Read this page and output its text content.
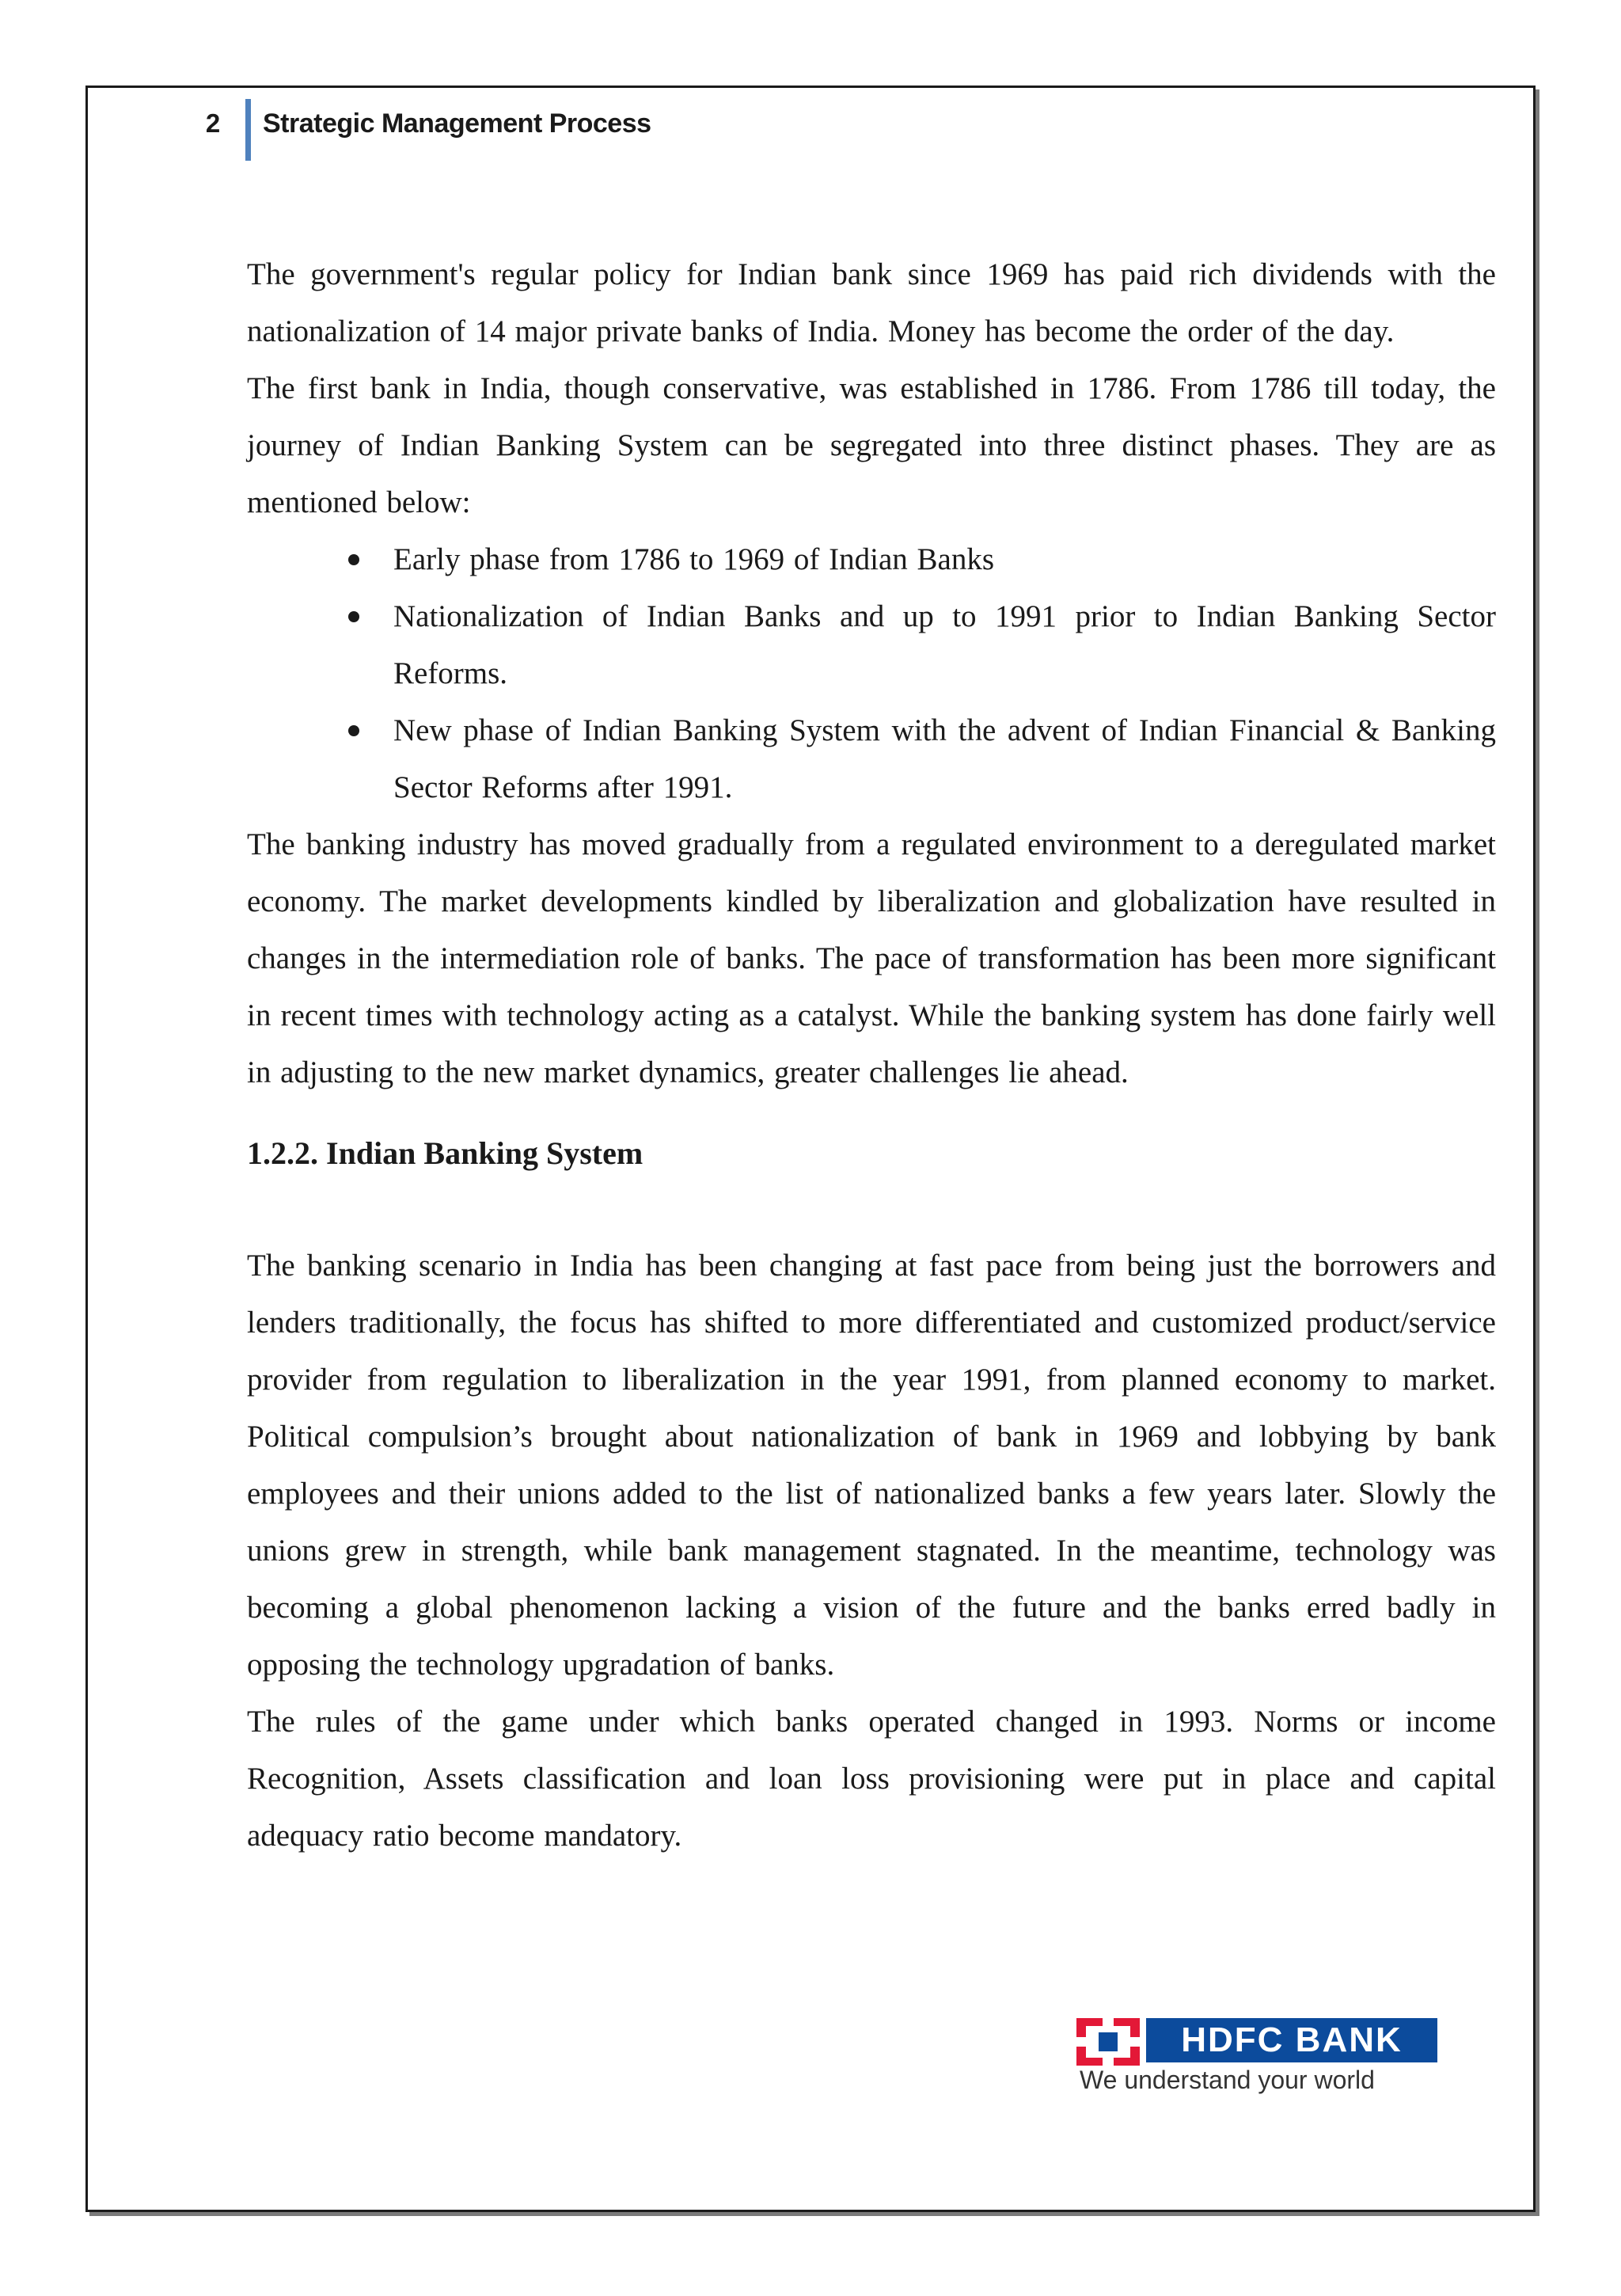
2	Strategic Management Process

The government's regular policy for Indian bank since 1969 has paid rich dividends with the nationalization of 14 major private banks of India. Money has become the order of the day.

The first bank in India, though conservative, was established in 1786. From 1786 till today, the journey of Indian Banking System can be segregated into three distinct phases. They are as mentioned below:

Early phase from 1786 to 1969 of Indian Banks

Nationalization of Indian Banks and up to 1991 prior to Indian Banking Sector Reforms.

New phase of Indian Banking System with the advent of Indian Financial & Banking Sector Reforms after 1991.

The banking industry has moved gradually from a regulated environment to a deregulated market economy. The market developments kindled by liberalization and globalization have resulted in changes in the intermediation role of banks. The pace of transformation has been more significant in recent times with technology acting as a catalyst. While the banking system has done fairly well in adjusting to the new market dynamics, greater challenges lie ahead.

1.2.2. Indian Banking System

The banking scenario in India has been changing at fast pace from being just the borrowers and lenders traditionally, the focus has shifted to more differentiated and customized product/service provider from regulation to liberalization in the year 1991, from planned economy to market. Political compulsion’s brought about nationalization of bank in 1969 and lobbying by bank employees and their unions added to the list of nationalized banks a few years later. Slowly the unions grew in strength, while bank management stagnated. In the meantime, technology was becoming a global phenomenon lacking a vision of the future and the banks erred badly in opposing the technology upgradation of banks.

The rules of the game under which banks operated changed in 1993. Norms or income Recognition, Assets classification and loan loss provisioning were put in place and capital adequacy ratio become mandatory.

HDFC BANK
We understand your world
